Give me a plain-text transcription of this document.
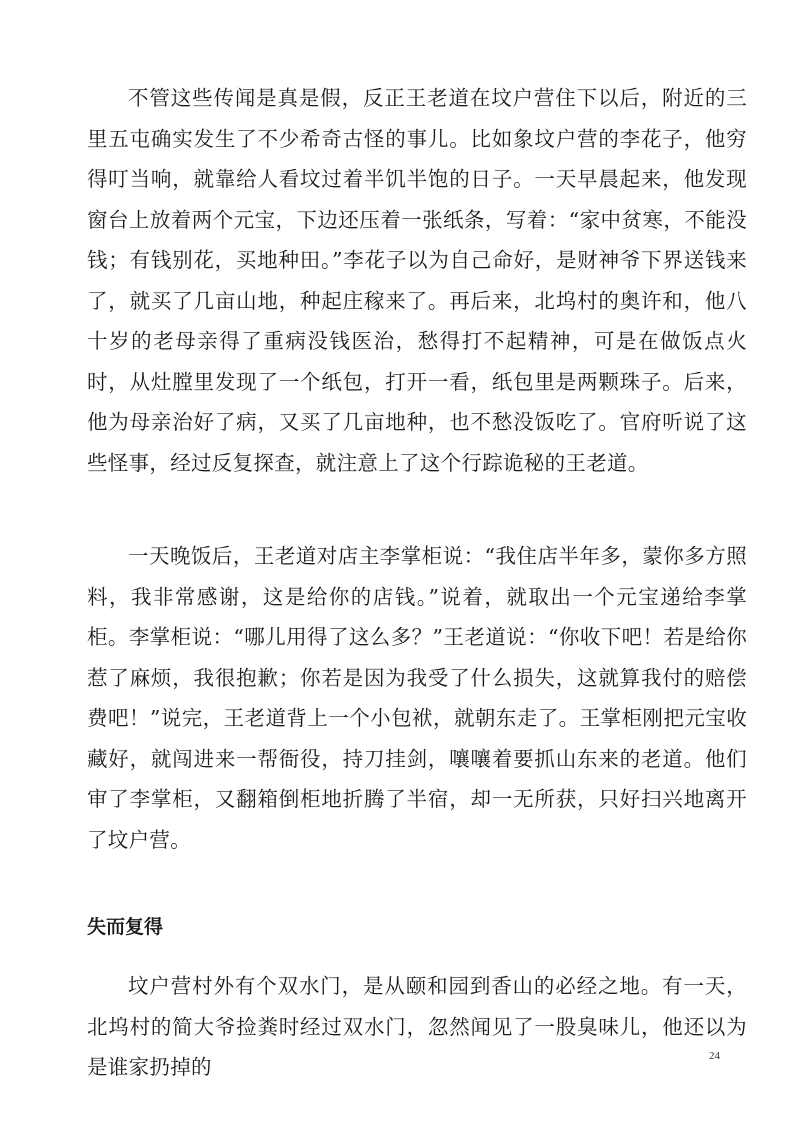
不管这些传闻是真是假，反正王老道在坟户营住下以后，附近的三里五屯确实发生了不少希奇古怪的事儿。比如象坟户营的李花子，他穷得叮当响，就靠给人看坟过着半饥半饱的日子。一天早晨起来，他发现窗台上放着两个元宝，下边还压着一张纸条，写着：“家中贫寒，不能没钱；有钱别花，买地种田。”李花子以为自己命好，是财神爷下界送钱来了，就买了几亩山地，种起庄稼来了。再后来，北坞村的奥许和，他八十岁的老母亲得了重病没钱医治，愁得打不起精神，可是在做饭点火时，从灶膛里发现了一个纸包，打开一看，纸包里是两颗珠子。后来，他为母亲治好了病，又买了几亩地种，也不愁没饭吃了。官府听说了这些怪事，经过反复探查，就注意上了这个行踪诡秘的王老道。

一天晚饭后，王老道对店主李掌柜说：“我住店半年多，蒙你多方照料，我非常感谢，这是给你的店钱。”说着，就取出一个元宝递给李掌柜。李掌柜说：“哪儿用得了这么多？”王老道说：“你收下吧！若是给你惹了麻烦，我很抱歉；你若是因为我受了什么损失，这就算我付的赔偿费吧！”说完，王老道背上一个小包袱，就朝东走了。王掌柜刚把元宝收藏好，就闯进来一帮衙役，持刀挂剑，嚷嚷着要抓山东来的老道。他们审了李掌柜，又翻箱倒柜地折腾了半宿，却一无所获，只好扫兴地离开了坟户营。

失而复得

坟户营村外有个双水门，是从颐和园到香山的必经之地。有一天，北坞村的简大爷捡粪时经过双水门，忽然闻见了一股臭味儿，他还以为是谁家扔掉的	24
